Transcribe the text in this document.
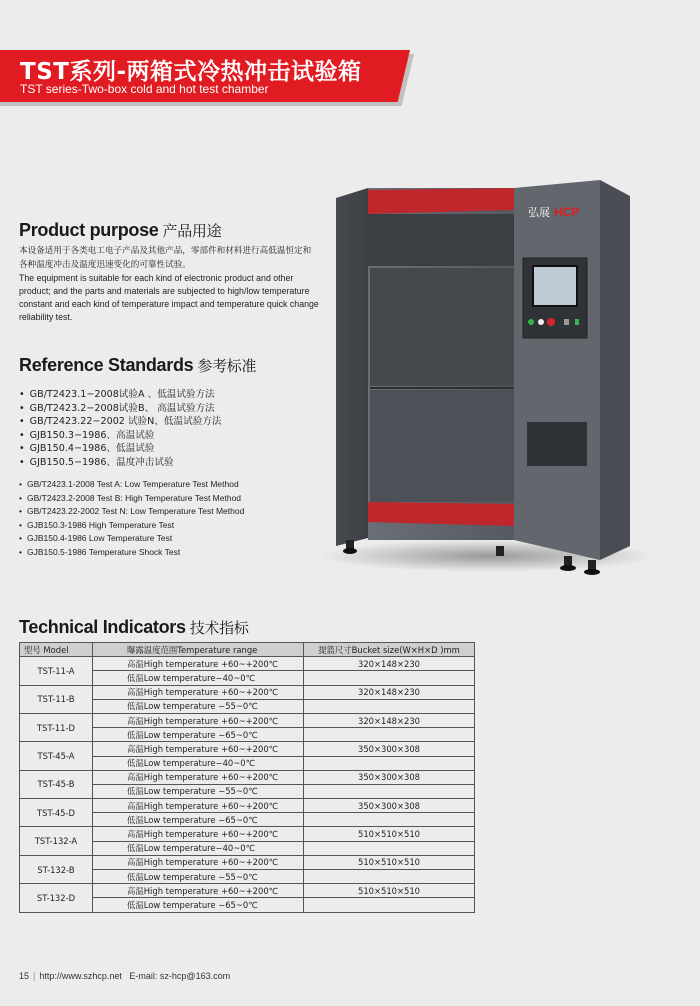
TST系列-两箱式冷热冲击试验箱
TST series-Two-box cold and hot test chamber
Product purpose 产品用途

本设备适用于各类电工电子产品及其他产品，零部件和材料进行高低温恒定和各种温度冲击及温度迅速变化的可靠性试验。

The equipment is suitable for each kind of electronic product and other product; and the parts and materials are subjected to high/low temperature constant and each kind of temperature impact and temperature quick change reliability test.

Reference Standards 参考标准
• GB/T2423.1−2008试验A 、低温试验方法
• GB/T2423.2−2008试验B、 高温试验方法
• GB/T2423.22−2002 试验N、低温试验方法
• GJB150.3−1986、高温试验
• GJB150.4−1986、低温试验
• GJB150.5−1986、温度冲击试验
• GB/T2423.1-2008 Test A: Low Temperature Test Method
• GB/T2423.2-2008 Test B: High Temperature Test Method
• GB/T2423.22-2002 Test N: Low Temperature Test Method
• GJB150.3-1986 High Temperature Test
• GJB150.4-1986 Low Temperature Test
• GJB150.5-1986 Temperature Shock Test
弘展 HCP
Technical Indicators 技术指标
型号 Model	曝露温度范围Temperature range	提篮尺寸Bucket size(W×H×D )mm
TST-11-A	高温High temperature +60~+200℃	320×148×230
	低温Low temperature−40~0℃	
TST-11-B	高温High temperature +60~+200℃	320×148×230
	低温Low temperature −55~0℃	
TST-11-D	高温High temperature +60~+200℃	320×148×230
	低温Low temperature −65~0℃	
TST-45-A	高温High temperature +60~+200℃	350×300×308
	低温Low temperature−40~0℃	
TST-45-B	高温High temperature +60~+200℃	350×300×308
	低温Low temperature −55~0℃	
TST-45-D	高温High temperature +60~+200℃	350×300×308
	低温Low temperature −65~0℃	
TST-132-A	高温High temperature +60~+200℃	510×510×510
	低温Low temperature−40~0℃	
ST-132-B	高温High temperature +60~+200℃	510×510×510
	低温Low temperature −55~0℃	
ST-132-D	高温High temperature +60~+200℃	510×510×510
	低温Low temperature −65~0℃	
15 | http://www.szhcp.net E-mail: sz-hcp@163.com
